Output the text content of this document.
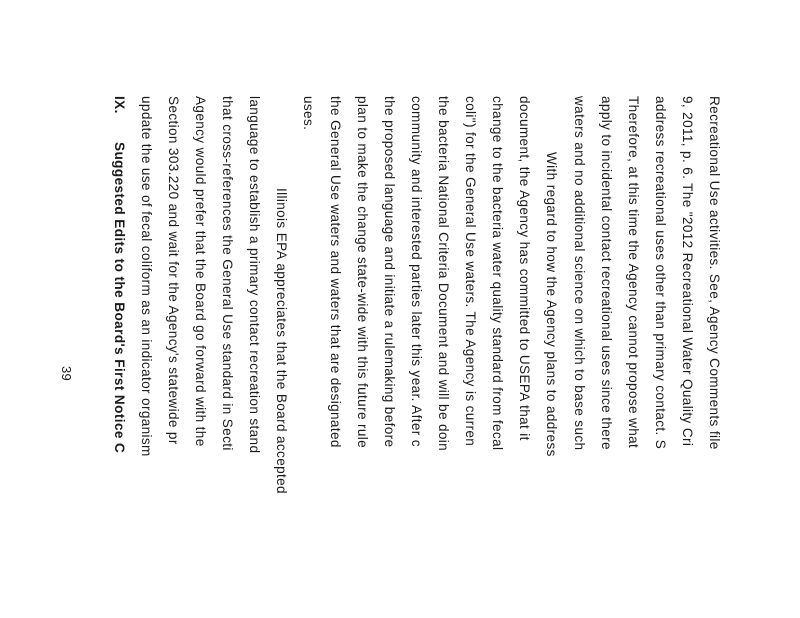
Recreational Use activities. See, Agency Comments file
9, 2011, p. 6. The "2012 Recreational Water Quality Cri
address recreational uses other than primary contact. S
Therefore, at this time the Agency cannot propose what
apply to incidental contact recreational uses since there
waters and no additional science on which to base such
With regard to how the Agency plans to address
document, the Agency has committed to USEPA that it
change to the bacteria water quality standard from fecal
coli") for the General Use waters. The Agency is curren
the bacteria National Criteria Document and will be doin
community and interested parties later this year. After c
the proposed language and initiate a rulemaking before
plan to make the change state-wide with this future rule
the General Use waters and waters that are designated
uses.
Illinois EPA appreciates that the Board accepted
language to establish a primary contact recreation stand
that cross-references the General Use standard in Secti
Agency would prefer that the Board go forward with the
Section 303.220 and wait for the Agency's statewide pr
update the use of fecal coliform as an indicator organism
IX.Suggested Edits to the Board's First Notice C
39
